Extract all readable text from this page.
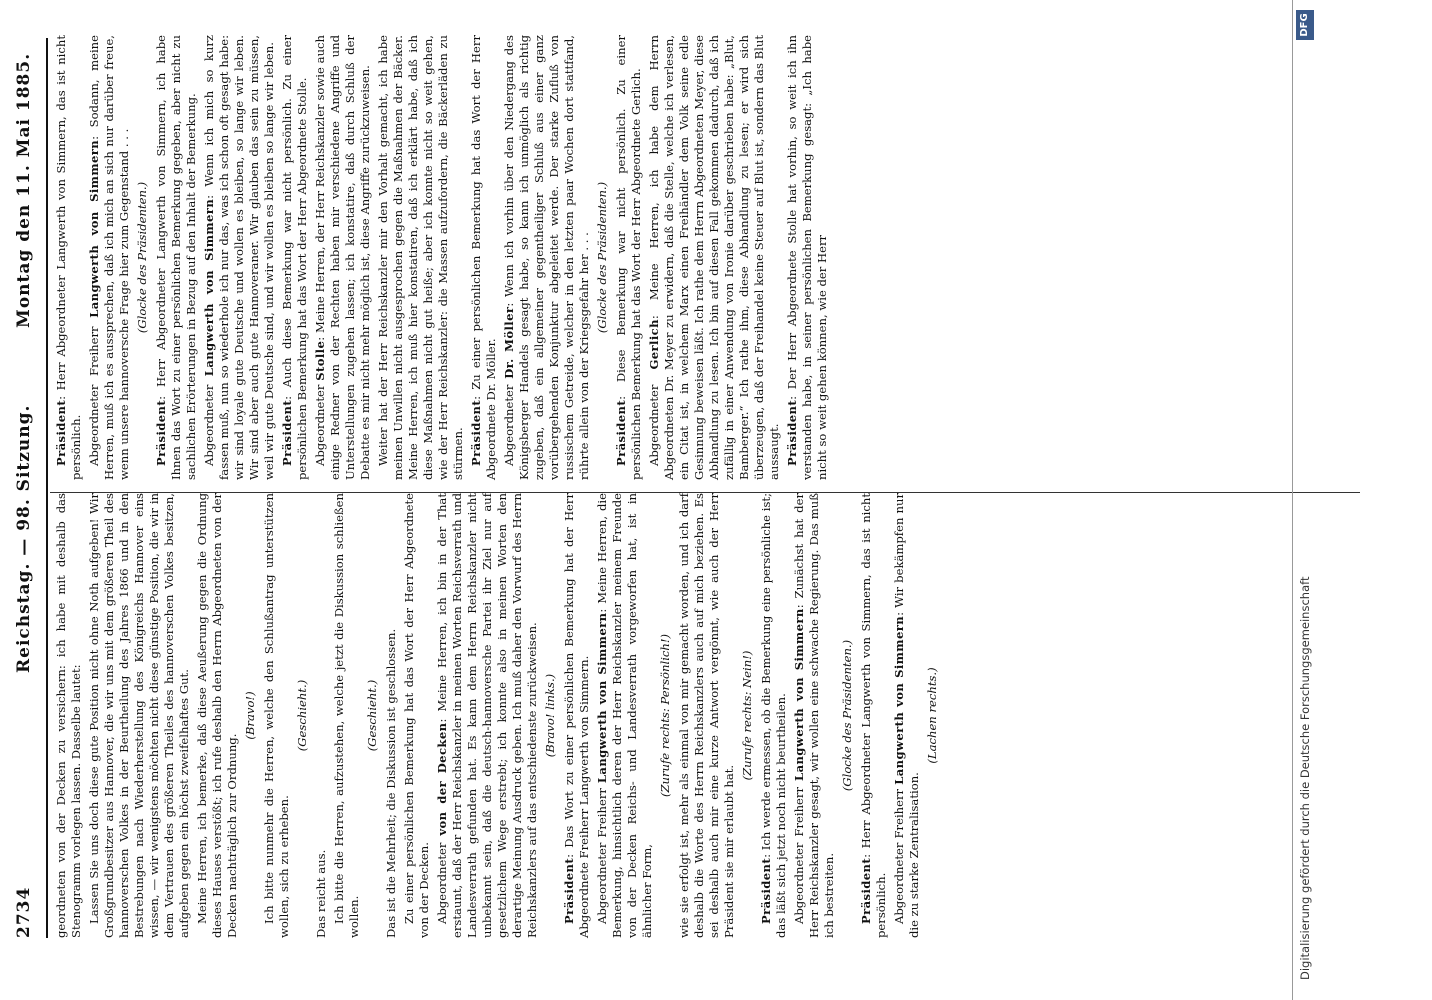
2734
Reichstag. — 98. Sitzung.
Montag den 11. Mai 1885.

geordneten von der Decken zu versichern: ich habe mit deshalb das Stenogramm vorlegen lassen. Dasselbe lautet: Lassen Sie uns doch diese gute Position nicht ohne Noth aufgeben! Wir Großgrundbesitzer aus Hannover, die wir uns mit dem größeren Theil des hannoverschen Volkes in der Beurtheilung des Jahres 1866 und in den Bestrebungen nach Wiederherstellung des Königreichs Hannover eins wissen, — wir wenigstens möchten nicht diese günstige Position, die wir in dem Vertrauen des größeren Theiles des hannoverschen Volkes besitzen, aufgeben gegen ein höchst zweifelhaftes Gut. Meine Herren, ich bemerke, daß diese Aeußerung gegen die Ordnung dieses Hauses verstößt; ich rufe deshalb den Herrn Abgeordneten von der Decken nachträglich zur Ordnung.

(Bravo!) Ich bitte nunmehr die Herren, welche den Schlußantrag unterstützen wollen, sich zu erheben.

(Geschieht.)

Das reicht aus. Ich bitte die Herren, aufzustehen, welche jetzt die Diskussion schließen wollen.

(Geschieht.) Das ist die Mehrheit; die Diskussion ist geschlossen. Zu einer persönlichen Bemerkung hat das Wort der Herr Abgeordnete von der Decken. Abgeordneter von der Decken: Meine Herren, ich bin in der That erstaunt, daß der Herr Reichskanzler in meinen Worten Reichsverrath und Landesverrath gefunden hat. Es kann dem Herrn Reichskanzler nicht unbekannt sein, daß die deutsch-hannoversche Partei ihr Ziel nur auf gesetzlichem Wege erstrebt; ich konnte also in meinen Worten den derartige Meinung Ausdruck geben. Ich muß daher den Vorwurf des Herrn Reichskanzlers auf das entschiedenste zurückweisen. (Bravo! links.)

Präsident: Das Wort zu einer persönlichen Bemerkung hat der Herr Abgeordnete Freiherr Langwerth von Simmern. Abgeordneter Freiherr Langwerth von Simmern: Meine Herren, die Bemerkung, hinsichtlich deren der Herr Reichskanzler meinem Freunde von der Decken Reichs- und Landesverrath vorgeworfen hat, ist in ähnlicher Form,

(Zurufe rechts: Persönlich!) wie sie erfolgt ist, mehr als einmal von mir gemacht worden, und ich darf deshalb die Worte des Herrn Reichskanzlers auch auf mich beziehen. Es sei deshalb auch mir eine kurze Antwort vergönnt, wie auch der Herr Präsident sie mir erlaubt hat.

(Zurufe rechts: Nein!)

Präsident: Ich werde ermessen, ob die Bemerkung eine persönliche ist; das läßt sich jetzt noch nicht beurtheilen. Abgeordneter Freiherr Langwerth von Simmern: Zunächst hat der Herr Reichskanzler gesagt, wir wollen eine schwache Regierung. Das muß ich bestreiten.

(Glocke des Präsidenten.)

Präsident: Herr Abgeordneter Langwerth von Simmern, das ist nicht persönlich. Abgeordneter Freiherr Langwerth von Simmern: Wir bekämpfen nur die zu starke Zentralisation.

(Lachen rechts.)

Präsident: Herr Abgeordneter Langwerth von Simmern, das ist nicht persönlich. Abgeordneter Freiherr Langwerth von Simmern: Sodann, meine Herren, muß ich es aussprechen, daß ich mich an sich nur darüber freue, wenn unsere hannoversche Frage hier zum Gegenstand . . . (Glocke des Präsidenten.)

Präsident: Herr Abgeordneter Langwerth von Simmern, ich habe Ihnen das Wort zu einer persönlichen Bemerkung gegeben, aber nicht zu sachlichen Erörterungen in Bezug auf den Inhalt der Bemerkung. Abgeordneter Langwerth von Simmern: Wenn ich mich so kurz fassen muß, nun so wiederhole ich nur das, was ich schon oft gesagt habe: wir sind loyale gute Deutsche und wollen es bleiben, so lange wir leben. Wir sind aber auch gute Hannoveraner. Wir glauben das sein zu müssen, weil wir gute Deutsche sind, und wir wollen es bleiben so lange wir leben. Präsident: Auch diese Bemerkung war nicht persönlich. Zu einer persönlichen Bemerkung hat das Wort der Herr Abgeordnete Stolle. Abgeordneter Stolle: Meine Herren, der Herr Reichskanzler sowie auch einige Redner von der Rechten haben mir verschiedene Angriffe und Unterstellungen zugehen lassen; ich konstatire, daß durch Schluß der Debatte es mir nicht mehr möglich ist, diese Angriffe zurückzuweisen. Weiter hat der Herr Reichskanzler mir den Vorhalt gemacht, ich habe meinen Unwillen nicht ausgesprochen gegen die Maßnahmen der Bäcker. Meine Herren, ich muß hier konstatiren, daß ich erklärt habe, daß ich diese Maßnahmen nicht gut heiße; aber ich konnte nicht so weit gehen, wie der Herr Reichskanzler: die Massen aufzufordern, die Bäckerläden zu stürmen. Präsident: Zu einer persönlichen Bemerkung hat das Wort der Herr Abgeordnete Dr. Möller. Abgeordneter Dr. Möller: Wenn ich vorhin über den Niedergang des Königsberger Handels gesagt habe, so kann ich unmöglich als richtig zugeben, daß ein allgemeiner gegentheiliger Schluß aus einer ganz vorübergehenden Konjunktur abgeleitet werde. Der starke Zufluß von russischem Getreide, welcher in den letzten paar Wochen dort stattfand, rührte allein von der Kriegsgefahr her . . . (Glocke des Präsidenten.)

Präsident: Diese Bemerkung war nicht persönlich. Zu einer persönlichen Bemerkung hat das Wort der Herr Abgeordnete Gerlich. Abgeordneter Gerlich: Meine Herren, ich habe dem Herrn Abgeordneten Dr. Meyer zu erwidern, daß die Stelle, welche ich verlesen, ein Citat ist, in welchem Marx einen Freihändler dem Volk seine edle Gesinnung beweisen läßt. Ich rathe dem Herrn Abgeordneten Meyer, diese Abhandlung zu lesen. Ich bin auf diesen Fall gekommen dadurch, daß ich zufällig in einer Anwendung von Ironie darüber geschrieben habe: „Blut, Bamberger.“ Ich rathe ihm, diese Abhandlung zu lesen; er wird sich überzeugen, daß der Freihandel keine Steuer auf Blut ist, sondern das Blut aussaugt. Präsident: Der Herr Abgeordnete Stolle hat vorhin, so weit ich ihn verstanden habe, in seiner persönlichen Bemerkung gesagt: „Ich habe nicht so weit gehen können, wie der Herr

Digitalisierung gefördert durch die Deutsche Forschungsgemeinschaft
DFG
